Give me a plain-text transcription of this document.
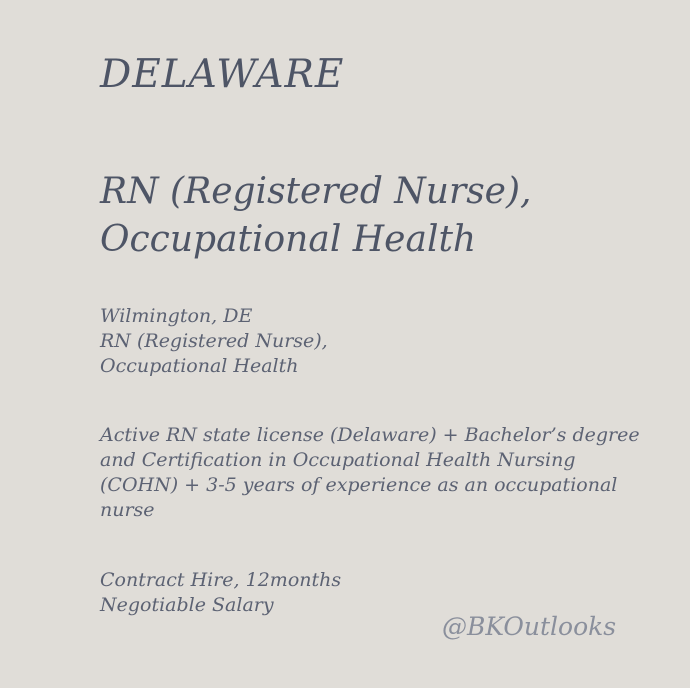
DELAWARE
RN (Registered Nurse),
Occupational Health
Wilmington, DE
RN (Registered Nurse),
Occupational Health
Active RN state license (Delaware) + Bachelor’s degree
and Certification in Occupational Health Nursing
(COHN) + 3-5 years of experience as an occupational
nurse
Contract Hire, 12months
Negotiable Salary
@BKOutlooks
